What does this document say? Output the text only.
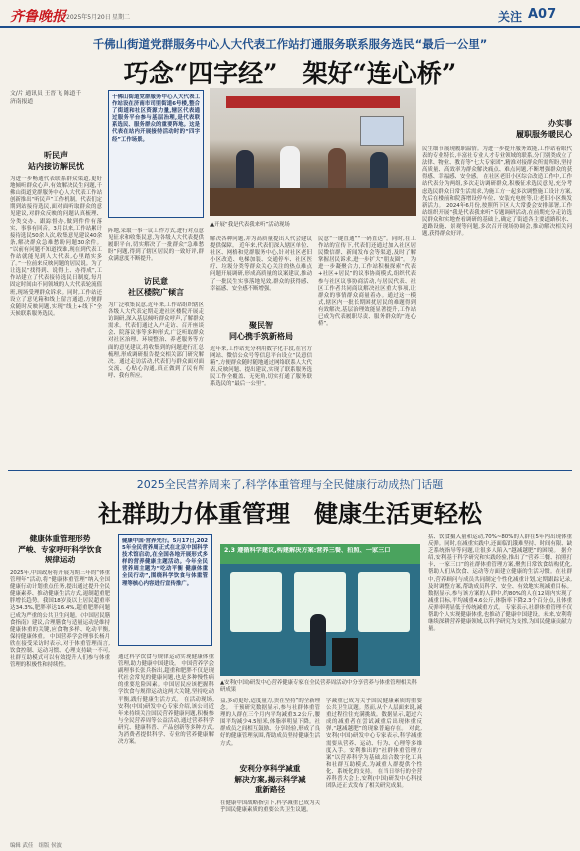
齐鲁晚报 2025年5月20日 星期二	关注 A07
千佛山街道党群服务中心人大代表工作站打通服务联系服务选民“最后一公里”
巧念“四字经”　架好“连心桥”
文/片 通讯员 王晋飞 陈道千
济南报道
听民声
站内接访解民忧
为进一步畅通代表联系群众渠道,更好地倾听群众心声,有效解决民生问题,千佛山街道党群服务中心人大代表工作站创新推出“听民声”工作机制。代表们定期到站接待选民,面对面听取群众的意见建议,对群众反映的问题认真梳理、分类交办、跟踪督办,做到件件有落实、事事有回音。3月以来,工作站累计接待选民50余人次,收集意见建议40余条,解决群众急难愁盼问题30余件。 “以前有问题不知道找谁,现在到代表工作站就能见到人大代表,心里踏实多了。”一位前来反映问题的居民说。为了让选民“找得到、说得上、办得成”,工作站建立了代表接待选民日制度,每月固定时间由不同领域的人大代表轮流值班,现场受理群众诉求。同时,工作站还设立了意见箱和线上留言通道,方便群众随时反映问题,实现“线上+线下”全天候联系服务选民。
千佛山街道党群服务中心人大代表工作站设在济南市司里街道6号楼,整合了街道和社区资源力量,辖区代表通过服务平台参与基层治理,是代表联系选民、服务群众的重要阵地。这是代表在站内开展接待活动时的“四字经”工作场景。
▲开展“我是代表我来听”活动现场
阵地,采取一事一议工作方式,进行对点意见征求和收集民意,为各级人大代表提供履职平台,切实解决了一批群众“急难愁盼”问题,得到了辖区居民的一致好评,群众满意度不断提升。
访民意
社区楼院广倾言
为广泛收集民意,近年来,工作站组织辖区各级人大代表定期走进社区楼院开展走访调研,深入基层倾听群众呼声,了解群众需求。代表们通过入户走访、召开座谈会、院落议事等多种形式,广泛听取群众对社区治理、环境整治、养老服务等方面的意见建议,将收集到的问题进行汇总梳理,形成调研报告提交相关部门研究解决。通过走访活动,代表们与群众面对面交流、心贴心沟通,真正做到了民有所呼、我有所应。
解决各种问题,并为高质量提出人代会建议提供保障。 近年来,代表们深入辖区单位、社区、网格和党群服务中心,针对社区老旧小区改造、电梯加装、交通停车、社区医疗、垃圾分类等群众关心关注的热点难点问题开展调研,形成高质量的议案建议,推动了一批民生实事落地见效,群众的获得感、幸福感、安全感不断增强。
聚民智
同心携手筑新格局
近年来,工作站充分利用数字化手段,在官方网站、微信公众号等信息平台设立“民意信箱”,方便群众随时随地通过网络联系人大代表,反映问题、提出建议,实现了联系服务选民工作全覆盖、无死角,切实打通了服务联系选民的“最后一公里”。
民意“一键直通”“一码直达”。同时,在工作站的宣传下,代表们还通过加入社区居民微信群、新闻发布会等渠道,及时了解掌握居民诉求,进一步扩大“朋友圈”。 为进一步凝聚合力,工作站积极探索“代表+社区+居民”的议事协商模式,组织代表参与社区议事协商活动,与居民代表、社区工作者共同商议解决社区重大事项,让群众的事情群众商量着办。通过这一模式,辖区内一批长期困扰居民的难题得到有效解决,基层治理效能显著提升,工作站已成为代表履职尽责、服务群众的“连心桥”。
办实事
履职服务暖民心
民生细节展现履职温情。为进一步提升服务效能,工作站着眼代表的专业特长,丰富社专业人才专业领域的联系,分门别类成立了法律、物业、教育等“七大专家团”,精准对接群众所需所盼,坚持高质量、高效率为群众解决痛点、难点问题,不断增强群众的获得感、幸福感、安全感。 在社区老旧小区综合改造工作中,工作站代表分为两组,多次走访调研群众,积极征求选民意见,充分考虑选民群众日常生活需求,为施工方一起多次调整施工设计方案,先后在楼前和院落增设停车位、安装充电桩等,让老旧小区焕发新活力。 2024年6月份,按照所下区人大常委会安排部署,工作站组织开展“我是代表我来听”专题调研活动,在前期充分走访选民群众和实地查看调研的基础上,确定了街道各主要道路积水、道路设施、景观等问题,多次召开现场协调会,推动解决相关问题,获得群众好评。
2025全民营养周来了,科学体重管理与全民健康行动成热门话题
社群助力体重管理　健康生活更轻松
健康体重管理形势
严峻、专家呼吁科学饮食
规律运动
2025年,中国政府将开展为期三年的“体重管理年”活动,将“健康体重管理”纳入全国健康行动计划重点任务,提出通过提升全民健康素养、推动健康生活方式,遏制超重肥胖增长趋势。我国18岁及以上居民超重率达34.3%,肥胖率达16.4%,超重肥胖问题已成为严重的公共卫生问题。《中国居民膳食指南》建议,合理膳食与适量运动是维持健康体重的关键,应食物多样、吃动平衡,保持健康体重。 中国营养学会理事长杨月欣在接受采访时表示,对于体重管理而言,饮食控制、运动习惯、心理支持缺一不可,社群互助模式可以有效提升人们参与体重管理的积极性和持续性。
健康中国·营养先行。5月17日,2025年全民营养周正式在北京中国科学技术馆启动,在全国各地开展形式多样的营养健康主题活动。今年全民营养周主题为“吃动平衡 健康体重 全民行动”,围绕科学饮食与体重管理等核心内容进行宣传推广。
2.3 遵循科学建议,构建解决方案:营养三餐、拍照、一家三口
▲安利(中国)研发中心营养健康专家在全民营养周活动中分享营养与体重管理相关科研成果
通过科学饮食与规律运动实现健康体重管理,助力健康中国建设。 中国营养学会副理事长张兵指出,超重和肥胖不仅是现代社会常见的健康问题,也是多种慢性病的重要危险因素。中国居民应该把握科学饮食与规律运动这两大关键,坚持吃动平衡,践行健康生活方式。 在活动现场,安利(中国)研发中心专家介绍,该公司近年来持续关注国民营养健康问题,积极参与全民营养周等公益活动,通过营养科学研究、健康科普、产品创新等多种方式,为消费者提供科学、专业的营养健康解决方案。
益,多动更好,适度量力,贵在坚持”的全新理念。 干预研究数据显示,参与社群体重管理的人群在三个月内平均减重3.2公斤,腰围平均减少4.5厘米,体脂率明显下降。社群成员之间相互鼓励、分享经验,形成了良好的健康管理氛围,帮助成员坚持健康生活方式。
安利分享科学减重
解决方案,揭示科学减
重新路径
在健康中国战略指引下,科学减重已成为关乎国民健康素质的重要公共卫生议题。
学减重已成为关乎国民健康素质的重要公共卫生议题。然而,从个人层面来说,减重过程往往充满挑战。数据显示,超过六成的减重者在尝试减重后出现体重反弹,“越减越肥”的现象普遍存在。 对此,安利(中国)研发中心专家表示,科学减重需要从营养、运动、行为、心理等多维度入手。安利推出的“社群体重管理方案”以营养科学为基础,结合数字化工具和社群互助模式,为减重人群提供个性化、系统化的支持。 在当日举行的全营养科普大会上,安利(中国)研发中心科技团队还正式发布了相关研究成果。
括、饮食摄入量和运动,70%~80%的人群在5年内出现体重反弹。同时,在减重实践中,还面临饥饿难坚持、时间有限、缺乏系统指导等问题,让很多人陷入“越减越肥”的困境。 据介绍,安利基于科学研究和实践经验,推出了“营养三餐、拍照打卡、一家三口”的社群体重管理方案,聚焦日常饮食结构优化,帮助人们从饮食、运动等方面建立健康的生活习惯。在社群中,营养顾问与成员共同制定个性化减重计划,定期跟踪记录,及时调整方案,帮助成员科学、安全、有效地实现减重目标。 数据显示,参与该方案的人群中,约80%的人在12周内实现了减重目标,平均减重4.6公斤,体脂率下降2.3个百分点,且体重反弹率明显低于传统减重方式。 专家表示,社群体重管理不仅帮助个人实现健康体重,也推动了健康中国建设。未来,安利将继续深耕营养健康领域,以科学研究为支撑,为国民健康贡献力量。
编辑 武佳　组版 侯波
